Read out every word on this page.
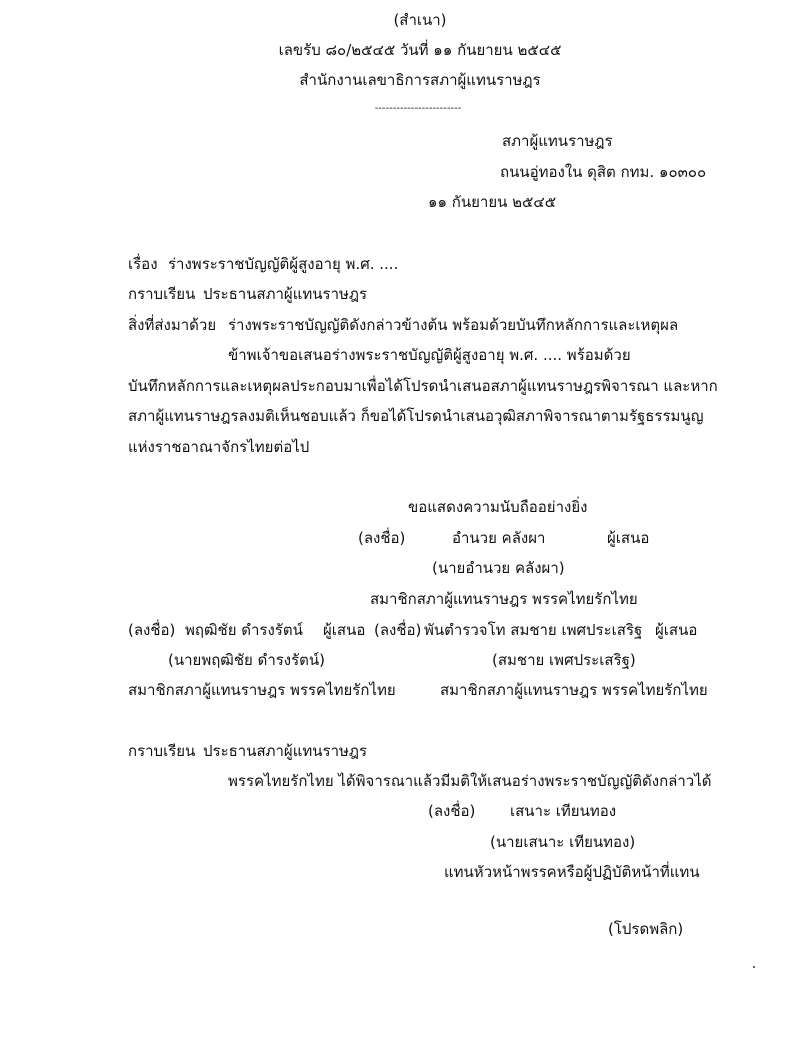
(สำเนา)
เลขรับ ๘๐/๒๕๔๕ วันที่ ๑๑ กันยายน ๒๕๔๕
สำนักงานเลขาธิการสภาผู้แทนราษฎร
------------------------
สภาผู้แทนราษฎร
ถนนอู่ทองใน ดุสิต กทม. ๑๐๓๐๐
๑๑ กันยายน ๒๕๔๕
เรื่อง ร่างพระราชบัญญัติผู้สูงอายุ พ.ศ. ....
กราบเรียน ประธานสภาผู้แทนราษฎร
สิ่งที่ส่งมาด้วย ร่างพระราชบัญญัติดังกล่าวข้างต้น พร้อมด้วยบันทึกหลักการและเหตุผล
ข้าพเจ้าขอเสนอร่างพระราชบัญญัติผู้สูงอายุ พ.ศ. .... พร้อมด้วย
บันทึกหลักการและเหตุผลประกอบมาเพื่อได้โปรดนำเสนอสภาผู้แทนราษฎรพิจารณา และหาก
สภาผู้แทนราษฎรลงมติเห็นชอบแล้ว ก็ขอได้โปรดนำเสนอวุฒิสภาพิจารณาตามรัฐธรรมนูญ
แห่งราชอาณาจักรไทยต่อไป
ขอแสดงความนับถืออย่างยิ่ง
(ลงชื่อ)	อำนวย คลังผา	ผู้เสนอ
(นายอำนวย คลังผา)
สมาชิกสภาผู้แทนราษฎร พรรคไทยรักไทย
(ลงชื่อ) พฤฒิชัย ดำรงรัตน์ ผู้เสนอ (ลงชื่อ) พันตำรวจโท สมชาย เพศประเสริฐ ผู้เสนอ
(นายพฤฒิชัย ดำรงรัตน์)	(สมชาย เพศประเสริฐ)
สมาชิกสภาผู้แทนราษฎร พรรคไทยรักไทย	สมาชิกสภาผู้แทนราษฎร พรรคไทยรักไทย
กราบเรียน ประธานสภาผู้แทนราษฎร
พรรคไทยรักไทย ได้พิจารณาแล้วมีมติให้เสนอร่างพระราชบัญญัติดังกล่าวได้
(ลงชื่อ) เสนาะ เทียนทอง
(นายเสนาะ เทียนทอง)
แทนหัวหน้าพรรคหรือผู้ปฏิบัติหน้าที่แทน
(โปรดพลิก)
